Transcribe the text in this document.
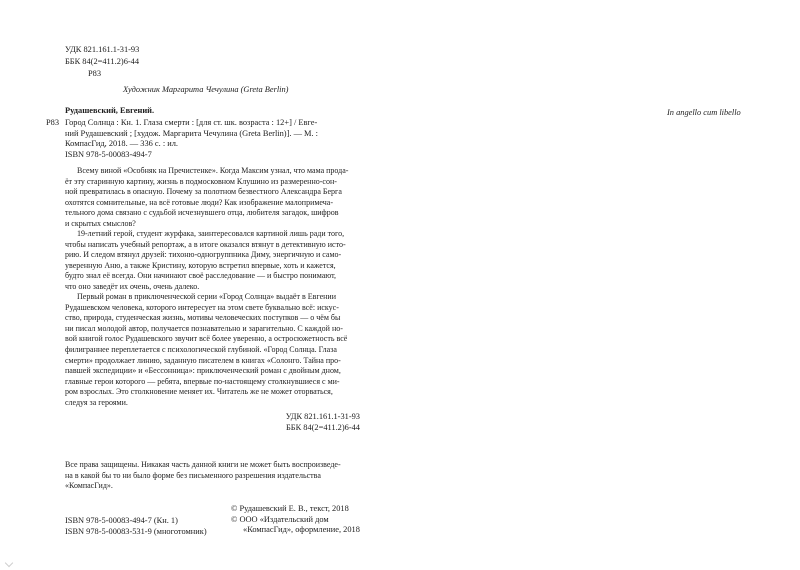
УДК 821.161.1-31-93

ББК 84(2=411.2)6-44

Р83

Художник Маргарита Чечулина (Greta Berlin)

In angello cum libello

Рудашевский, Евгений.

Р83 Город Солнца : Кн. 1. Глаза смерти : [для ст. шк. возраста : 12+] / Евге-
ний Рудашевский ; [худож. Маргарита Чечулина (Greta Berlin)]. — М. :
КомпасГид, 2018. — 336 с. : ил.
ISBN 978-5-00083-494-7
Всему виной «Особняк на Пречистенке». Когда Максим узнал, что мама прода-
ёт эту старинную картину, жизнь в подмосковном Клушино из размеренно-сон-
ной превратилась в опасную. Почему за полотном безвестного Александра Берга
охотятся сомнительные, на всё готовые люди? Как изображение малопримеча-
тельного дома связано с судьбой исчезнувшего отца, любителя загадок, шифров
и скрытых смыслов?
19-летний герой, студент журфака, заинтересовался картиной лишь ради того,
чтобы написать учебный репортаж, а в итоге оказался втянут в детективную исто-
рию. И следом втянул друзей: тихоню-одногруппника Диму, энергичную и само-
уверенную Аню, а также Кристину, которую встретил впервые, хоть и кажется,
будто знал её всегда. Они начинают своё расследование — и быстро понимают,
что оно заведёт их очень, очень далеко.
Первый роман в приключенческой серии «Город Солнца» выдаёт в Евгении
Рудашевском человека, которого интересует на этом свете буквально всё: искус-
ство, природа, студенческая жизнь, мотивы человеческих поступков — о чём бы
ни писал молодой автор, получается познавательно и зарагительно. С каждой но-
вой книгой голос Рудашевского звучит всё более уверенно, а остросюжетность всё
филиграннее переплетается с психологической глубиной. «Город Солнца. Глаза
смерти» продолжает линию, заданную писателем в книгах «Солонго. Тайна про-
павшей экспедиции» и «Бессонница»: приключенческий роман с двойным дном,
главные герои которого — ребята, впервые по-настоящему столкнувшиеся с ми-
ром взрослых. Это столкновение меняет их. Читатель же не может оторваться,
следуя за героями.
УДК 821.161.1-31-93
ББК 84(2=411.2)6-44
Все права защищены. Никакая часть данной книги не может быть воспроизведе-
на в какой бы то ни было форме без письменного разрешения издательства
«КомпасГид».
ISBN 978-5-00083-494-7 (Кн. 1)
ISBN 978-5-00083-531-9 (многотомник)
© Рудашевский Е. В., текст, 2018
© ООО «Издательский дом
«КомпасГид», оформление, 2018
